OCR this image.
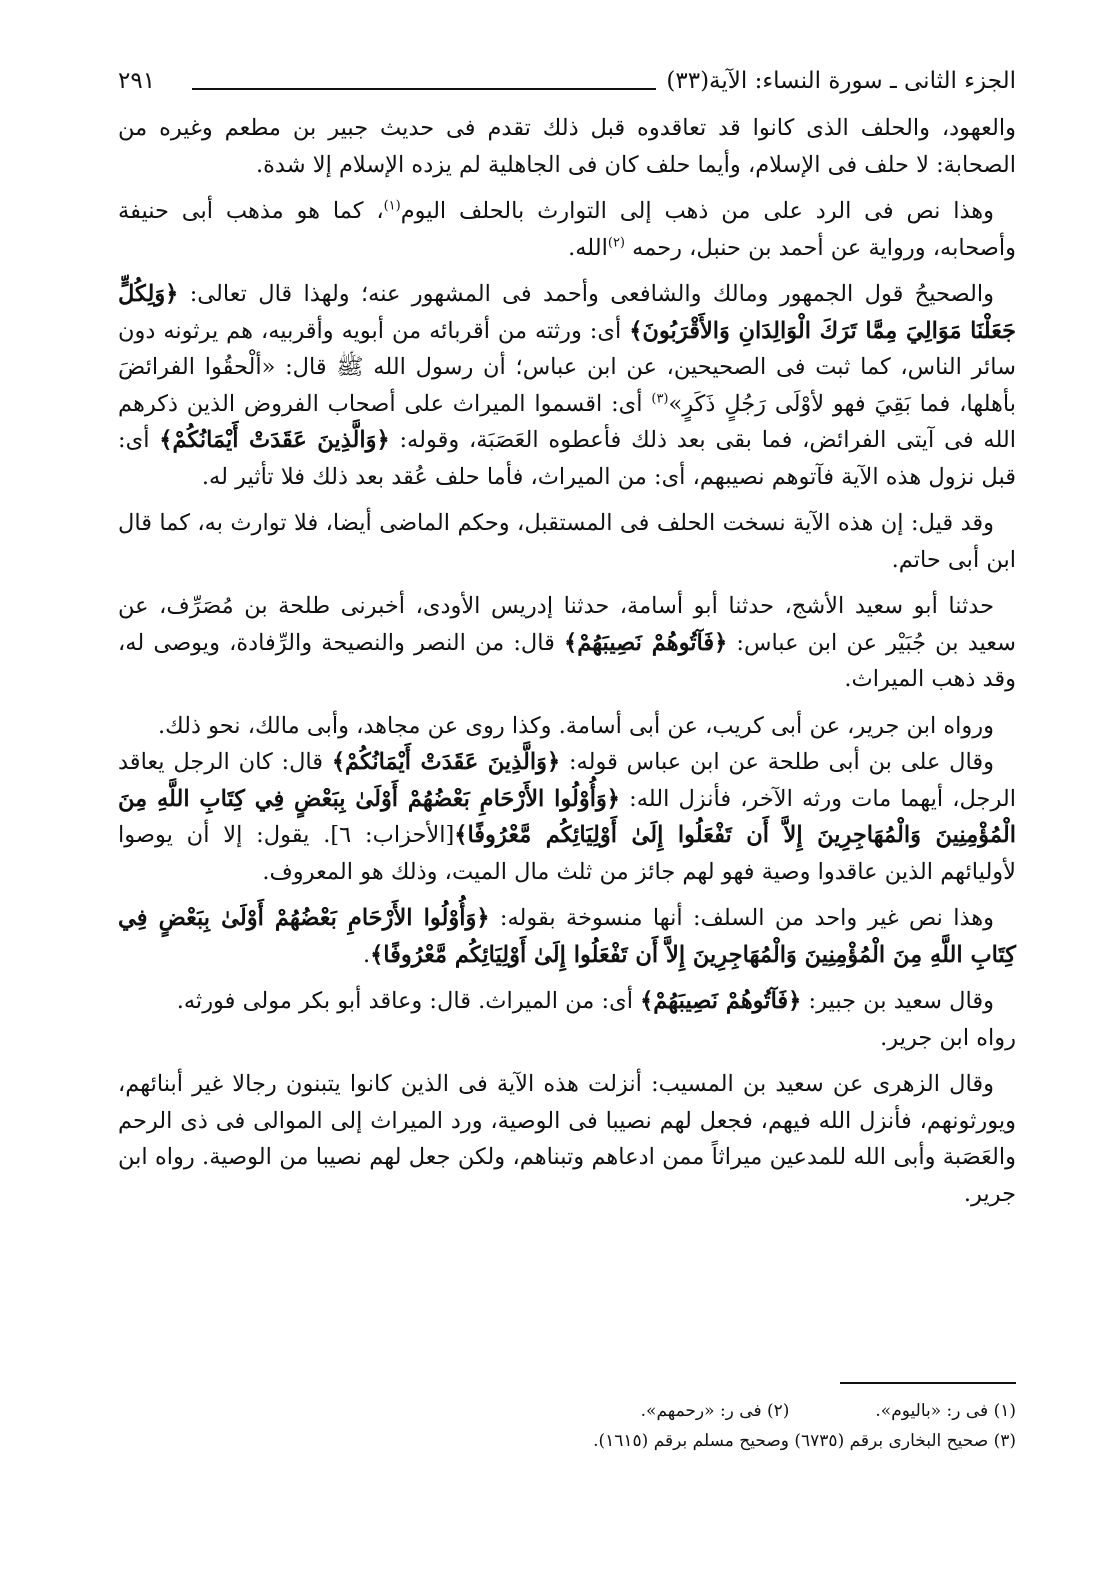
الجزء الثانى ـ سورة النساء: الآية(٣٣)
٢٩١

والعهود، والحلف الذى كانوا قد تعاقدوه قبل ذلك تقدم فى حديث جبير بن مطعم وغيره من الصحابة: لا حلف فى الإسلام، وأيما حلف كان فى الجاهلية لم يزده الإسلام إلا شدة.

وهذا نص فى الرد على من ذهب إلى التوارث بالحلف اليوم$^{(١)}$، كما هو مذهب أبى حنيفة وأصحابه، ورواية عن أحمد بن حنبل، رحمه $^{(٢)}$الله.

والصحيحُ قول الجمهور ومالك والشافعى وأحمد فى المشهور عنه؛ ولهذا قال تعالى: ﴿وَلِكُلٍّ جَعَلْنَا مَوَالِيَ مِمَّا تَرَكَ الْوَالِدَانِ وَالأَقْرَبُونَ﴾ أى: ورثته من أقربائه من أبويه وأقربيه، هم يرثونه دون سائر الناس، كما ثبت فى الصحيحين، عن ابن عباس؛ أن رسول الله ﷺ قال: «ألْحقُوا الفرائضَ بأهلها، فما بَقِيَ فهو لأوْلَى رَجُلٍ ذَكَرٍ»$^{(٣)}$ أى: اقسموا الميراث على أصحاب الفروض الذين ذكرهم الله فى آيتى الفرائض، فما بقى بعد ذلك فأعطوه العَصَبَة، وقوله: ﴿وَالَّذِينَ عَقَدَتْ أَيْمَانُكُمْ﴾ أى: قبل نزول هذه الآية فآتوهم نصيبهم، أى: من الميراث، فأما حلف عُقد بعد ذلك فلا تأثير له.

وقد قيل: إن هذه الآية نسخت الحلف فى المستقبل، وحكم الماضى أيضا، فلا توارث به، كما قال ابن أبى حاتم.

حدثنا أبو سعيد الأشج، حدثنا أبو أسامة، حدثنا إدريس الأودى، أخبرنى طلحة بن مُصَرِّف، عن سعيد بن جُبَيْر عن ابن عباس: ﴿فَآتُوهُمْ نَصِيبَهُمْ﴾ قال: من النصر والنصيحة والرِّفادة، ويوصى له، وقد ذهب الميراث.

ورواه ابن جرير، عن أبى كريب، عن أبى أسامة. وكذا روى عن مجاهد، وأبى مالك، نحو ذلك.

وقال على بن أبى طلحة عن ابن عباس قوله: ﴿وَالَّذِينَ عَقَدَتْ أَيْمَانُكُمْ﴾ قال: كان الرجل يعاقد الرجل، أيهما مات ورثه الآخر، فأنزل الله: ﴿وَأُوْلُوا الأَرْحَامِ بَعْضُهُمْ أَوْلَىٰ بِبَعْضٍ فِي كِتَابِ اللَّهِ مِنَ الْمُؤْمِنِينَ وَالْمُهَاجِرِينَ إِلاَّ أَن تَفْعَلُوا إِلَىٰ أَوْلِيَائِكُم مَّعْرُوفًا﴾[الأحزاب: ٦]. يقول: إلا أن يوصوا لأوليائهم الذين عاقدوا وصية فهو لهم جائز من ثلث مال الميت، وذلك هو المعروف.

وهذا نص غير واحد من السلف: أنها منسوخة بقوله: ﴿وَأُوْلُوا الأَرْحَامِ بَعْضُهُمْ أَوْلَىٰ بِبَعْضٍ فِي كِتَابِ اللَّهِ مِنَ الْمُؤْمِنِينَ وَالْمُهَاجِرِينَ إِلاَّ أَن تَفْعَلُوا إِلَىٰ أَوْلِيَائِكُم مَّعْرُوفًا﴾.

وقال سعيد بن جبير: ﴿فَآتُوهُمْ نَصِيبَهُمْ﴾ أى: من الميراث. قال: وعاقد أبو بكر مولى فورثه.
رواه ابن جرير.

وقال الزهرى عن سعيد بن المسيب: أنزلت هذه الآية فى الذين كانوا يتبنون رجالا غير أبنائهم، ويورثونهم، فأنزل الله فيهم، فجعل لهم نصيبا فى الوصية، ورد الميراث إلى الموالى فى ذى الرحم والعَصَبة وأبى الله للمدعين ميراثاً ممن ادعاهم وتبناهم، ولكن جعل لهم نصيبا من الوصية. رواه ابن جرير.

(١) فى ر: «باليوم».
(٢) فى ر: «رحمهم».
(٣) صحيح البخارى برقم (٦٧٣٥) وصحيح مسلم برقم (١٦١٥).
